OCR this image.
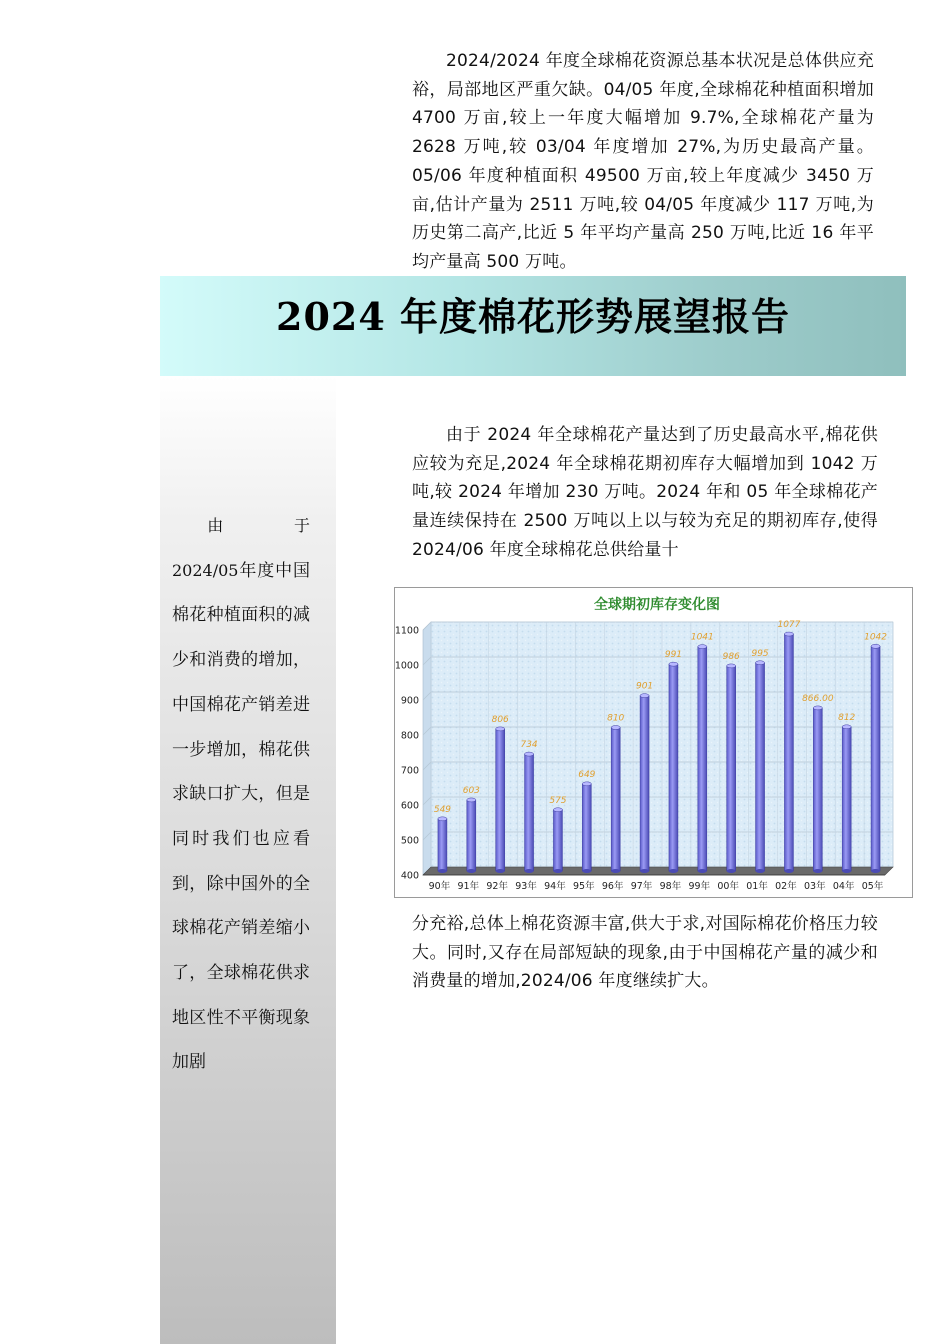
2024/2024 年度全球棉花资源总基本状况是总体供应充裕，局部地区严重欠缺。04/05 年度,全球棉花种植面积增加 4700 万亩,较上一年度大幅增加 9.7%,全球棉花产量为 2628 万吨,较 03/04 年度增加 27%,为历史最高产量。 05/06 年度种植面积 49500 万亩,较上年度减少 3450 万亩,估计产量为 2511 万吨,较 04/05 年度减少 117 万吨,为历史第二高产,比近 5 年平均产量高 250 万吨,比近 16 年平均产量高 500 万吨。

2024 年度棉花形势展望报告
由于 2024/05年度中国棉花种植面积的减少和消费的增加，中国棉花产销差进一步增加，棉花供求缺口扩大，但是同时我们也应看到，除中国外的全球棉花产销差缩小了，全球棉花供求地区性不平衡现象加剧

由于 2024 年全球棉花产量达到了历史最高水平,棉花供应较为充足,2024 年全球棉花期初库存大幅增加到 1042 万吨,较 2024 年增加 230 万吨。2024 年和 05 年全球棉花产量连续保持在 2500 万吨以上以与较为充足的期初库存,使得 2024/06 年度全球棉花总供给量十

全球期初库存变化图
400
500
600
700
800
900
1000
1100
549
90年
603
91年
806
92年
734
93年
575
94年
649
95年
810
96年
901
97年
991
98年
1041
99年
986
00年
995
01年
1077
02年
866.00
03年
812
04年
1042
05年

分充裕,总体上棉花资源丰富,供大于求,对国际棉花价格压力较大。同时,又存在局部短缺的现象,由于中国棉花产量的减少和消费量的增加,2024/06 年度继续扩大。
